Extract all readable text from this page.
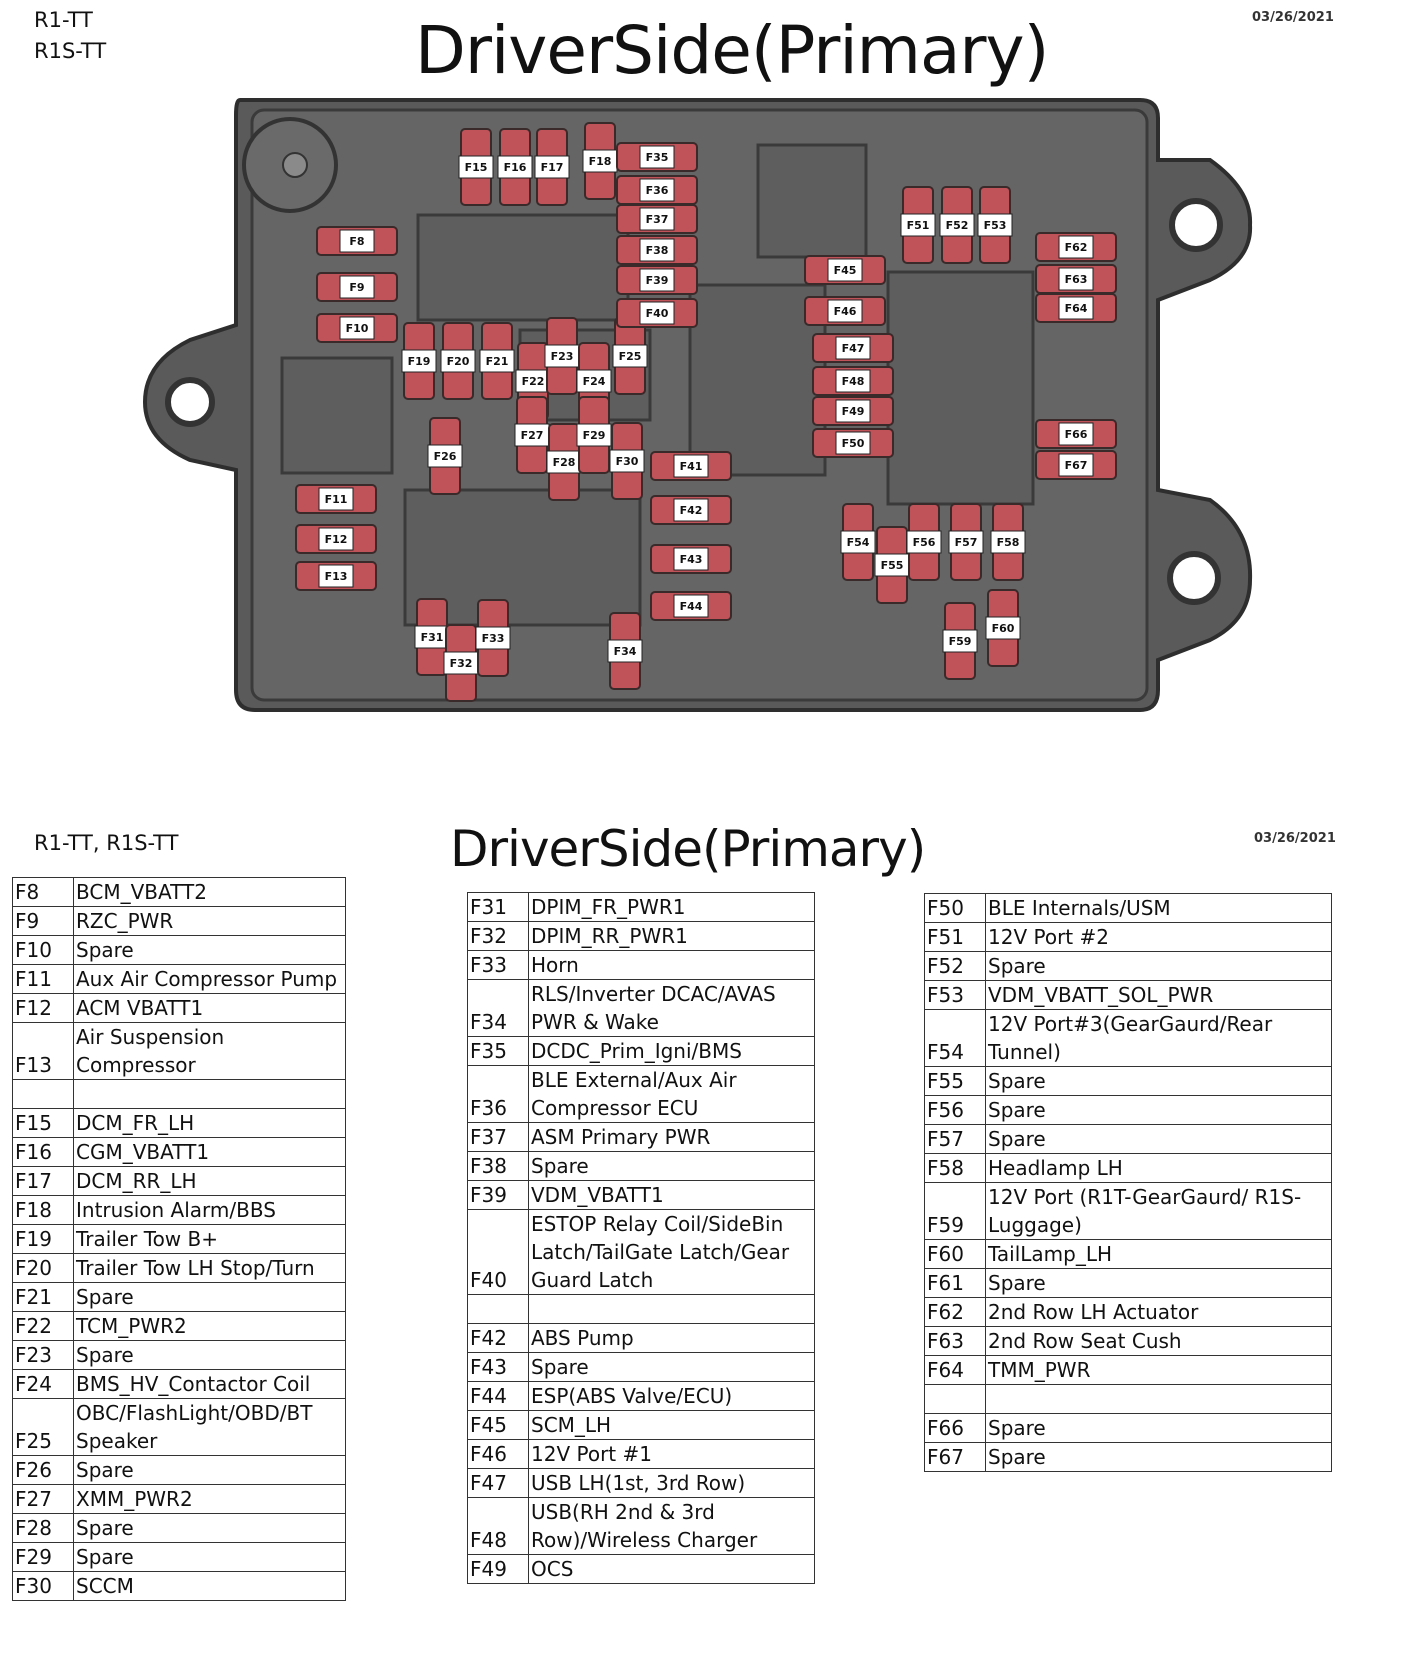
R1-TT
R1S-TT	DriverSide(Primary)	03/26/2021
F8
F9
F10
F11
F12
F13
F15 F16 F17 F18
F19 F20 F21
F22
F23
F24
F25
F26
F27
F28
F29
F30
F31
F32
F33
F34
F35
F36
F37
F38
F39
F40
F41
F42
F43
F44
F45
F46
F47
F48
F49
F50
F51 F52 F53
F54
F55
F56 F57 F58
F59
F60
F62
F63
F64
F66
F67
R1-TT, R1S-TT	DriverSide(Primary)	03/26/2021
F8	BCM_VBATT2
F9	RZC_PWR
F10	Spare
F11	Aux Air Compressor Pump
F12	ACM VBATT1
F13	Air Suspension Compressor

F15	DCM_FR_LH
F16	CGM_VBATT1
F17	DCM_RR_LH
F18	Intrusion Alarm/BBS
F19	Trailer Tow B+
F20	Trailer Tow LH Stop/Turn
F21	Spare
F22	TCM_PWR2
F23	Spare
F24	BMS_HV_Contactor Coil
F25	OBC/FlashLight/OBD/BT Speaker
F26	Spare
F27	XMM_PWR2
F28	Spare
F29	Spare
F30	SCCM
F31	DPIM_FR_PWR1
F32	DPIM_RR_PWR1
F33	Horn
F34	RLS/Inverter DCAC/AVAS PWR & Wake
F35	DCDC_Prim_Igni/BMS
F36	BLE External/Aux Air Compressor ECU
F37	ASM Primary PWR
F38	Spare
F39	VDM_VBATT1
F40	ESTOP Relay Coil/SideBin Latch/TailGate Latch/Gear Guard Latch

F42	ABS Pump
F43	Spare
F44	ESP(ABS Valve/ECU)
F45	SCM_LH
F46	12V Port #1
F47	USB LH(1st, 3rd Row)
F48	USB(RH 2nd & 3rd Row)/Wireless Charger
F49	OCS
F50	BLE Internals/USM
F51	12V Port #2
F52	Spare
F53	VDM_VBATT_SOL_PWR
F54	12V Port#3(GearGaurd/Rear Tunnel)
F55	Spare
F56	Spare
F57	Spare
F58	Headlamp LH
F59	12V Port (R1T-GearGaurd/ R1S-Luggage)
F60	TailLamp_LH
F61	Spare
F62	2nd Row LH Actuator
F63	2nd Row Seat Cush
F64	TMM_PWR

F66	Spare
F67	Spare
